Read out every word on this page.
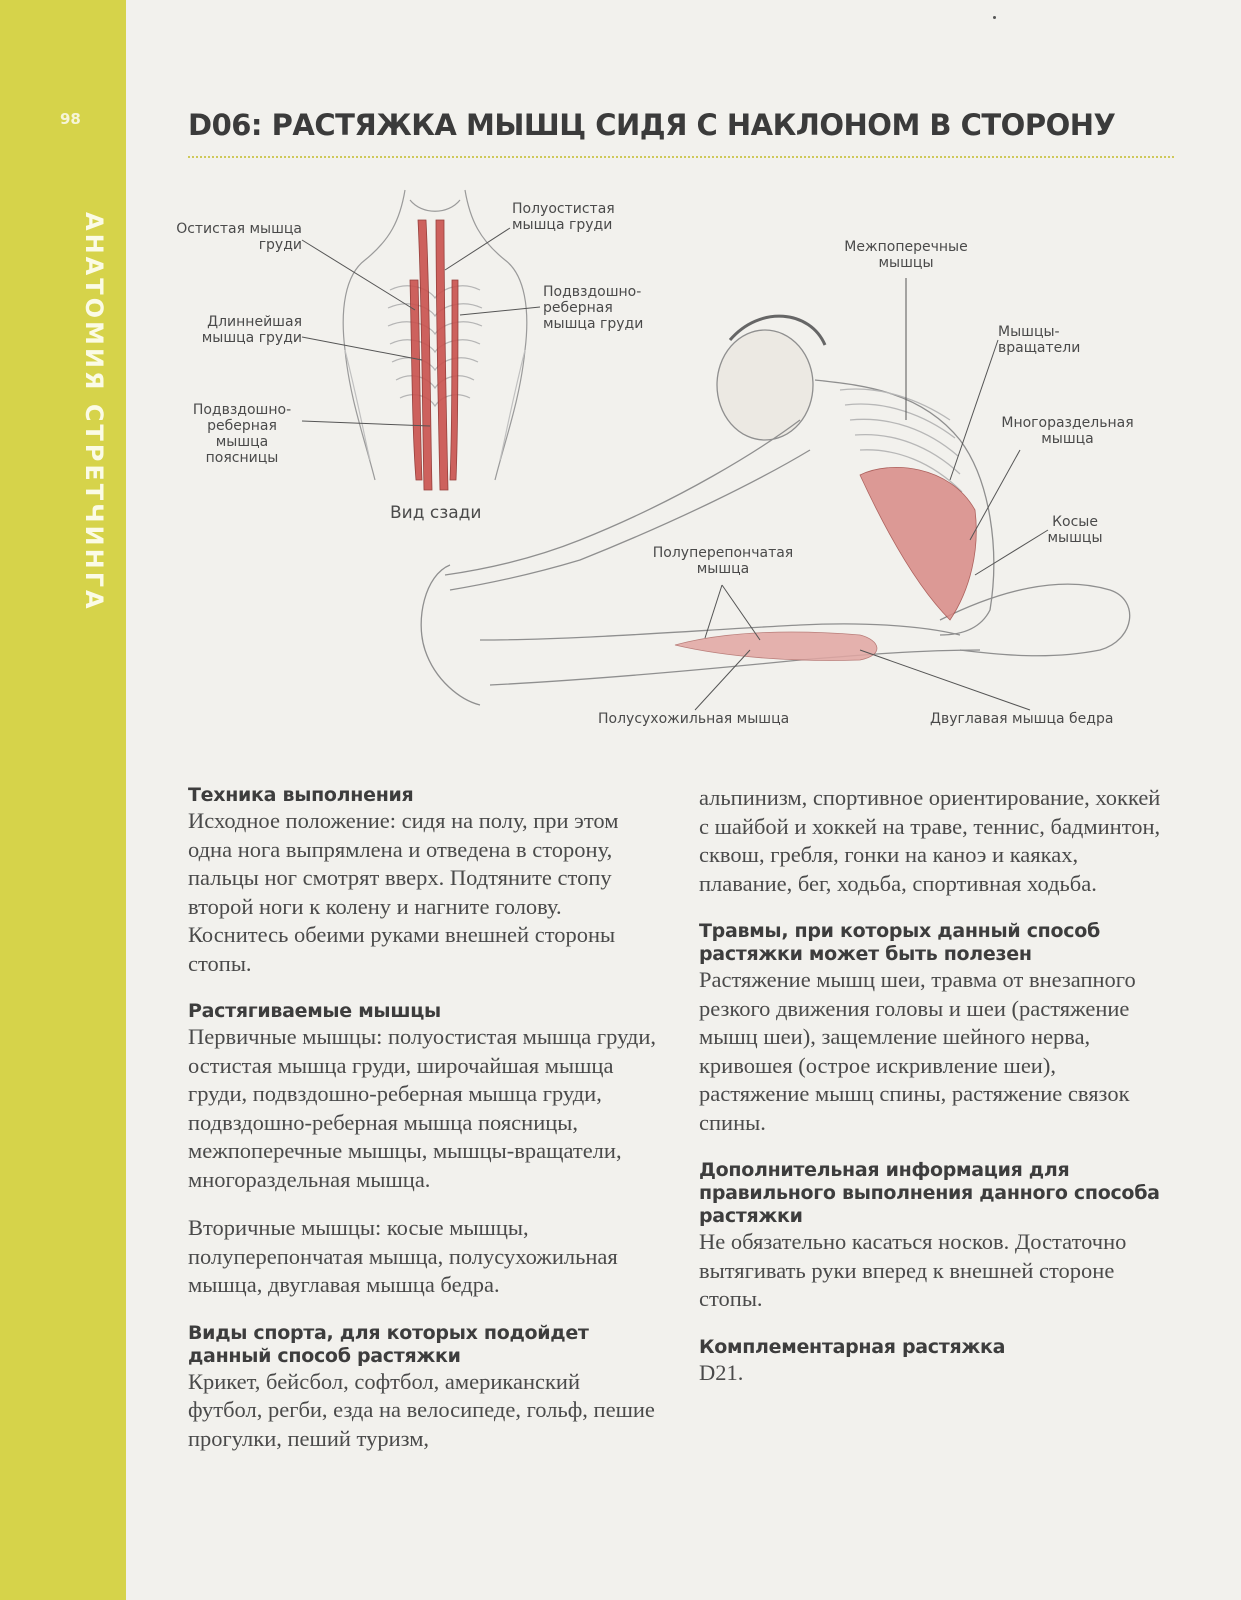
98
АНАТОМИЯ СТРЕТЧИНГА
D06: РАСТЯЖКА МЫШЦ СИДЯ С НАКЛОНОМ В СТОРОНУ
Остистая мышца
груди
Полуостистая
мышца груди
Длиннейшая
мышца груди
Подвздошно-
реберная
мышца груди
Подвздошно-
реберная
мышца
поясницы
Вид сзади
Межпоперечные
мышцы
Мышцы-
вращатели
Многораздельная
мышца
Косые
мышцы
Полуперепончатая
мышца
Полусухожильная мышца	Двуглавая мышца бедра
Техника выполнения

Исходное положение: сидя на полу, при этом одна нога выпрямлена и отведена в сторону, пальцы ног смотрят вверх. Подтяните стопу второй ноги к колену и нагните голову. Коснитесь обеими руками внешней стороны стопы.

Растягиваемые мышцы

Первичные мышцы: полуостистая мышца груди, остистая мышца груди, широчайшая мышца груди, подвздошно-реберная мышца груди, подвздошно-реберная мышца поясницы, межпоперечные мышцы, мышцы-вращатели, многораздельная мышца.

Вторичные мышцы: косые мышцы, полуперепончатая мышца, полусухожильная мышца, двуглавая мышца бедра.

Виды спорта, для которых подойдет данный способ растяжки

Крикет, бейсбол, софтбол, американский футбол, регби, езда на велосипеде, гольф, пешие прогулки, пеший туризм,

альпинизм, спортивное ориентирование, хоккей с шайбой и хоккей на траве, теннис, бадминтон, сквош, гребля, гонки на каноэ и каяках, плавание, бег, ходьба, спортивная ходьба.

Травмы, при которых данный способ растяжки может быть полезен

Растяжение мышц шеи, травма от внезапного резкого движения головы и шеи (растяжение мышц шеи), защемление шейного нерва, кривошея (острое искривление шеи), растяжение мышц спины, растяжение связок спины.

Дополнительная информация для правильного выполнения данного способа растяжки

Не обязательно касаться носков. Достаточно вытягивать руки вперед к внешней стороне стопы.

Комплементарная растяжка

D21.
